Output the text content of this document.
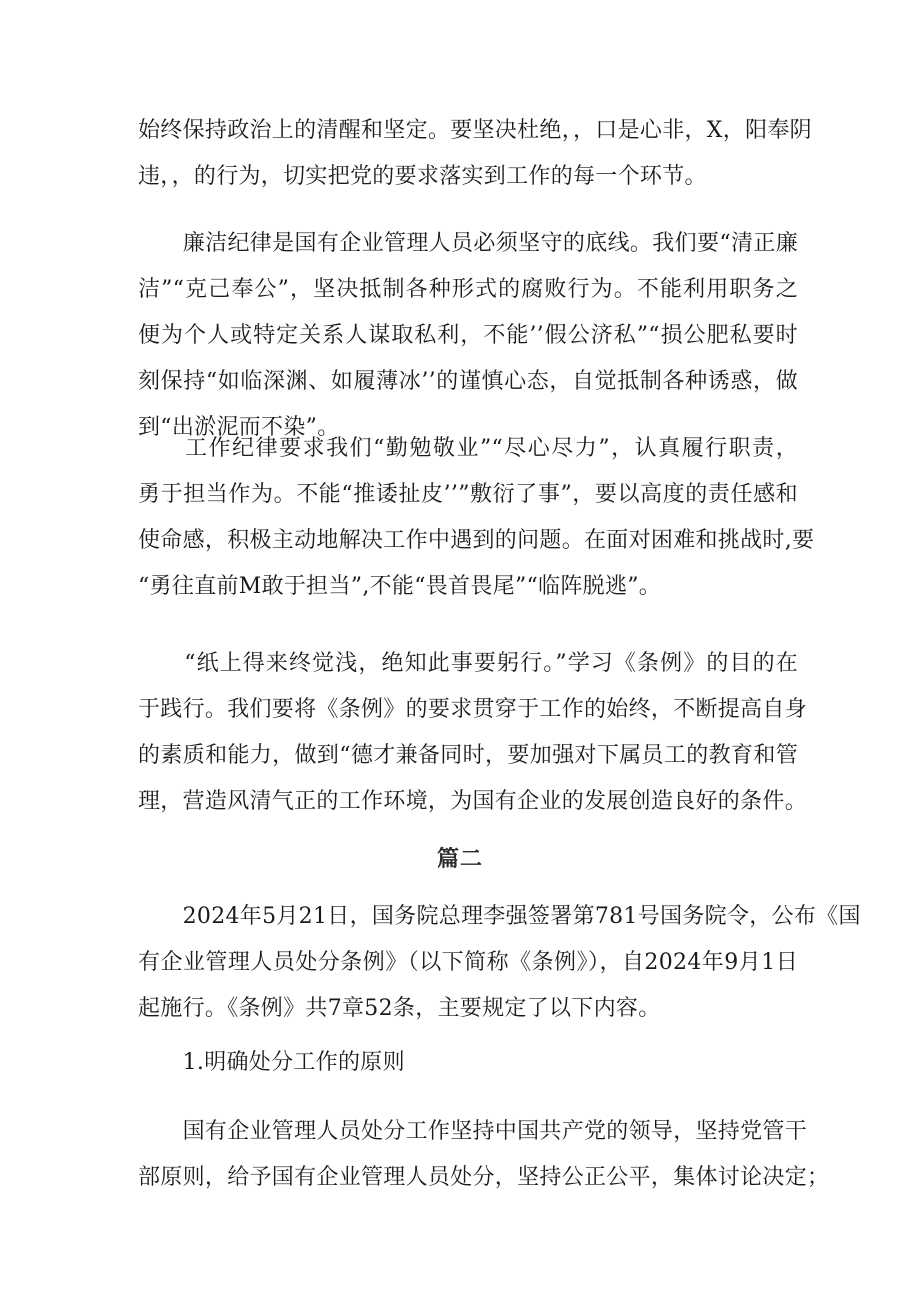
始终保持政治上的清醒和坚定。要坚决杜绝，，口是心非，X，阳奉阴
违，，的行为，切实把党的要求落实到工作的每一个环节。

　　廉洁纪律是国有企业管理人员必须坚守的底线。我们要“清正廉
洁”“克己奉公”，坚决抵制各种形式的腐败行为。不能利用职务之
便为个人或特定关系人谋取私利，不能’’假公济私”“损公肥私要时
刻保持“如临深渊、如履薄冰’’的谨慎心态，自觉抵制各种诱惑，做
到“出淤泥而不染”。

　　工作纪律要求我们“勤勉敬业”“尽心尽力”，认真履行职责，
勇于担当作为。不能“推诿扯皮’’”敷衍了事”，要以高度的责任感和
使命感，积极主动地解决工作中遇到的问题。在面对困难和挑战时,要
“勇往直前M敢于担当”,不能“畏首畏尾”“临阵脱逃”。

　　“纸上得来终觉浅，绝知此事要躬行。”学习《条例》的目的在
于践行。我们要将《条例》的要求贯穿于工作的始终，不断提高自身
的素质和能力，做到“德才兼备同时，要加强对下属员工的教育和管
理，营造风清气正的工作环境，为国有企业的发展创造良好的条件。

篇二

　　2024年5月21日，国务院总理李强签署第781号国务院令，公布《国
有企业管理人员处分条例》（以下简称《条例》），自2024年9月1日
起施行。《条例》共7章52条，主要规定了以下内容。

　　1.明确处分工作的原则

　　国有企业管理人员处分工作坚持中国共产党的领导，坚持党管干
部原则，给予国有企业管理人员处分，坚持公正公平，集体讨论决定；
